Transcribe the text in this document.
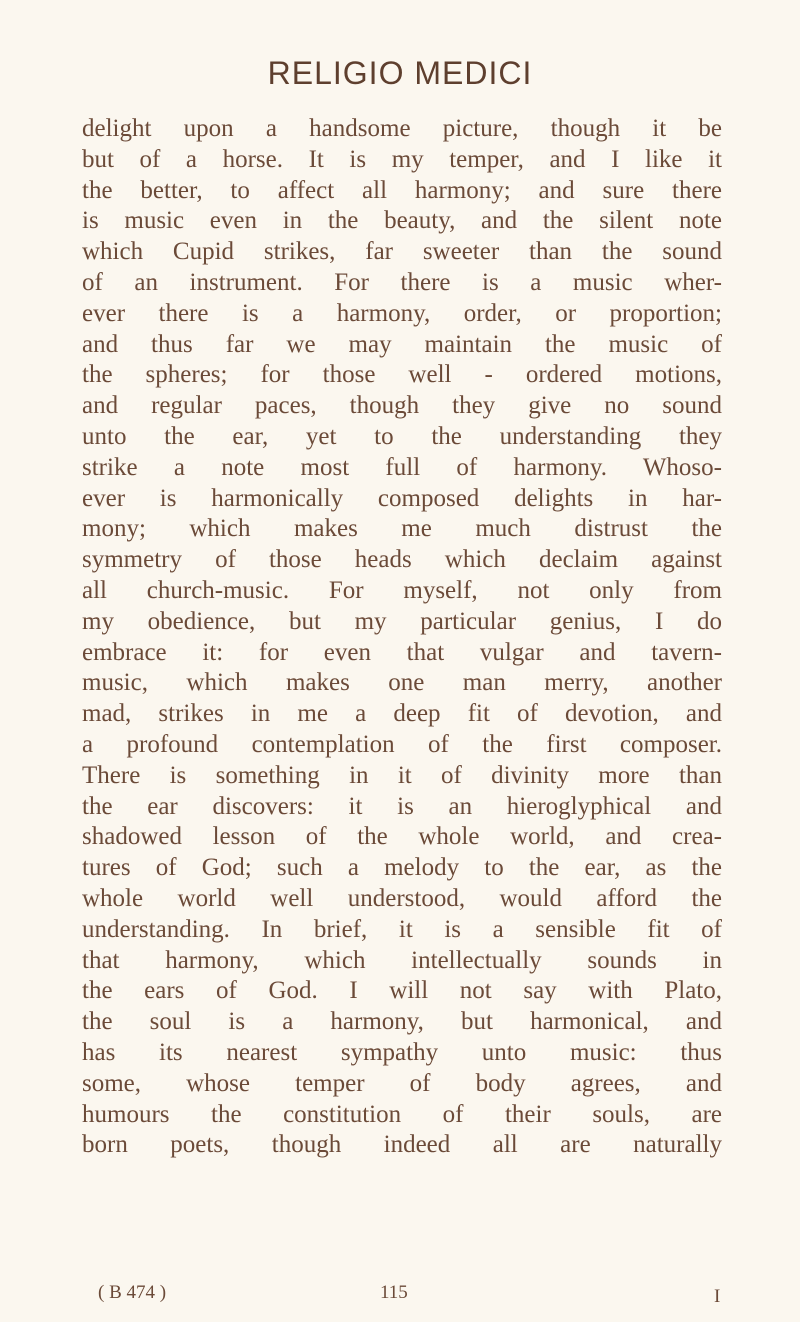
RELIGIO MEDICI
delight upon a handsome picture, though it be
but of a horse. It is my temper, and I like it
the better, to affect all harmony; and sure there
is music even in the beauty, and the silent note
which Cupid strikes, far sweeter than the sound
of an instrument. For there is a music wher-
ever there is a harmony, order, or proportion;
and thus far we may maintain the music of
the spheres; for those well - ordered motions,
and regular paces, though they give no sound
unto the ear, yet to the understanding they
strike a note most full of harmony. Whoso-
ever is harmonically composed delights in har-
mony; which makes me much distrust the
symmetry of those heads which declaim against
all church-music. For myself, not only from
my obedience, but my particular genius, I do
embrace it: for even that vulgar and tavern-
music, which makes one man merry, another
mad, strikes in me a deep fit of devotion, and
a profound contemplation of the first composer.
There is something in it of divinity more than
the ear discovers: it is an hieroglyphical and
shadowed lesson of the whole world, and crea-
tures of God; such a melody to the ear, as the
whole world well understood, would afford the
understanding. In brief, it is a sensible fit of
that harmony, which intellectually sounds in
the ears of God. I will not say with Plato,
the soul is a harmony, but harmonical, and
has its nearest sympathy unto music: thus
some, whose temper of body agrees, and
humours the constitution of their souls, are
born poets, though indeed all are naturally
( B 474 )	115	I
